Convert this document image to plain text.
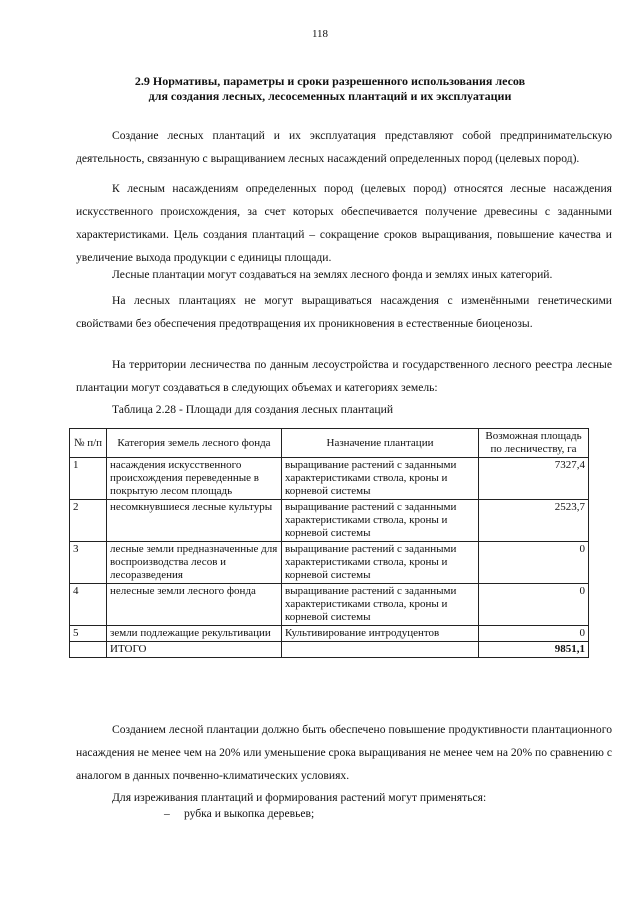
118
2.9 Нормативы, параметры и сроки разрешенного использования лесов
для создания лесных, лесосеменных плантаций и их эксплуатации
Создание лесных плантаций и их эксплуатация представляют собой предпринимательскую деятельность, связанную с выращиванием лесных насаждений определенных пород (целевых пород).
К лесным насаждениям определенных пород (целевых пород) относятся лесные насаждения искусственного происхождения, за счет которых обеспечивается получение древесины с заданными характеристиками. Цель создания плантаций – сокращение сроков выращивания, повышение качества и увеличение выхода продукции с единицы площади.
Лесные плантации могут создаваться на землях лесного фонда и землях иных категорий.
На лесных плантациях не могут выращиваться насаждения с изменёнными генетическими свойствами без обеспечения предотвращения их проникновения в естественные биоценозы.
На территории лесничества по данным лесоустройства и государственного лесного реестра лесные плантации могут создаваться в следующих объемах и категориях земель:
Таблица 2.28 - Площади для создания лесных плантаций
№ п/п	Категория земель лесного фонда	Назначение плантации	Возможная площадь по лесничеству, га
1	насаждения искусственного происхождения переведенные в покрытую лесом площадь	выращивание растений с заданными характеристиками ствола, кроны и корневой системы	7327,4
2	несомкнувшиеся лесные культуры	выращивание растений с заданными характеристиками ствола, кроны и корневой системы	2523,7
3	лесные земли предназначенные для воспроизводства лесов и лесоразведения	выращивание растений с заданными характеристиками ствола, кроны и корневой системы	0
4	нелесные земли лесного фонда	выращивание растений с заданными характеристиками ствола, кроны и корневой системы	0
5	земли подлежащие рекультивации	Культивирование интродуцентов	0
	ИТОГО		9851,1
Созданием лесной плантации должно быть обеспечено повышение продуктивности плантационного насаждения не менее чем на 20% или уменьшение срока выращивания не менее чем на 20% по сравнению с аналогом в данных почвенно-климатических условиях.
Для изреживания плантаций и формирования растений могут применяться:
– рубка и выкопка деревьев;
